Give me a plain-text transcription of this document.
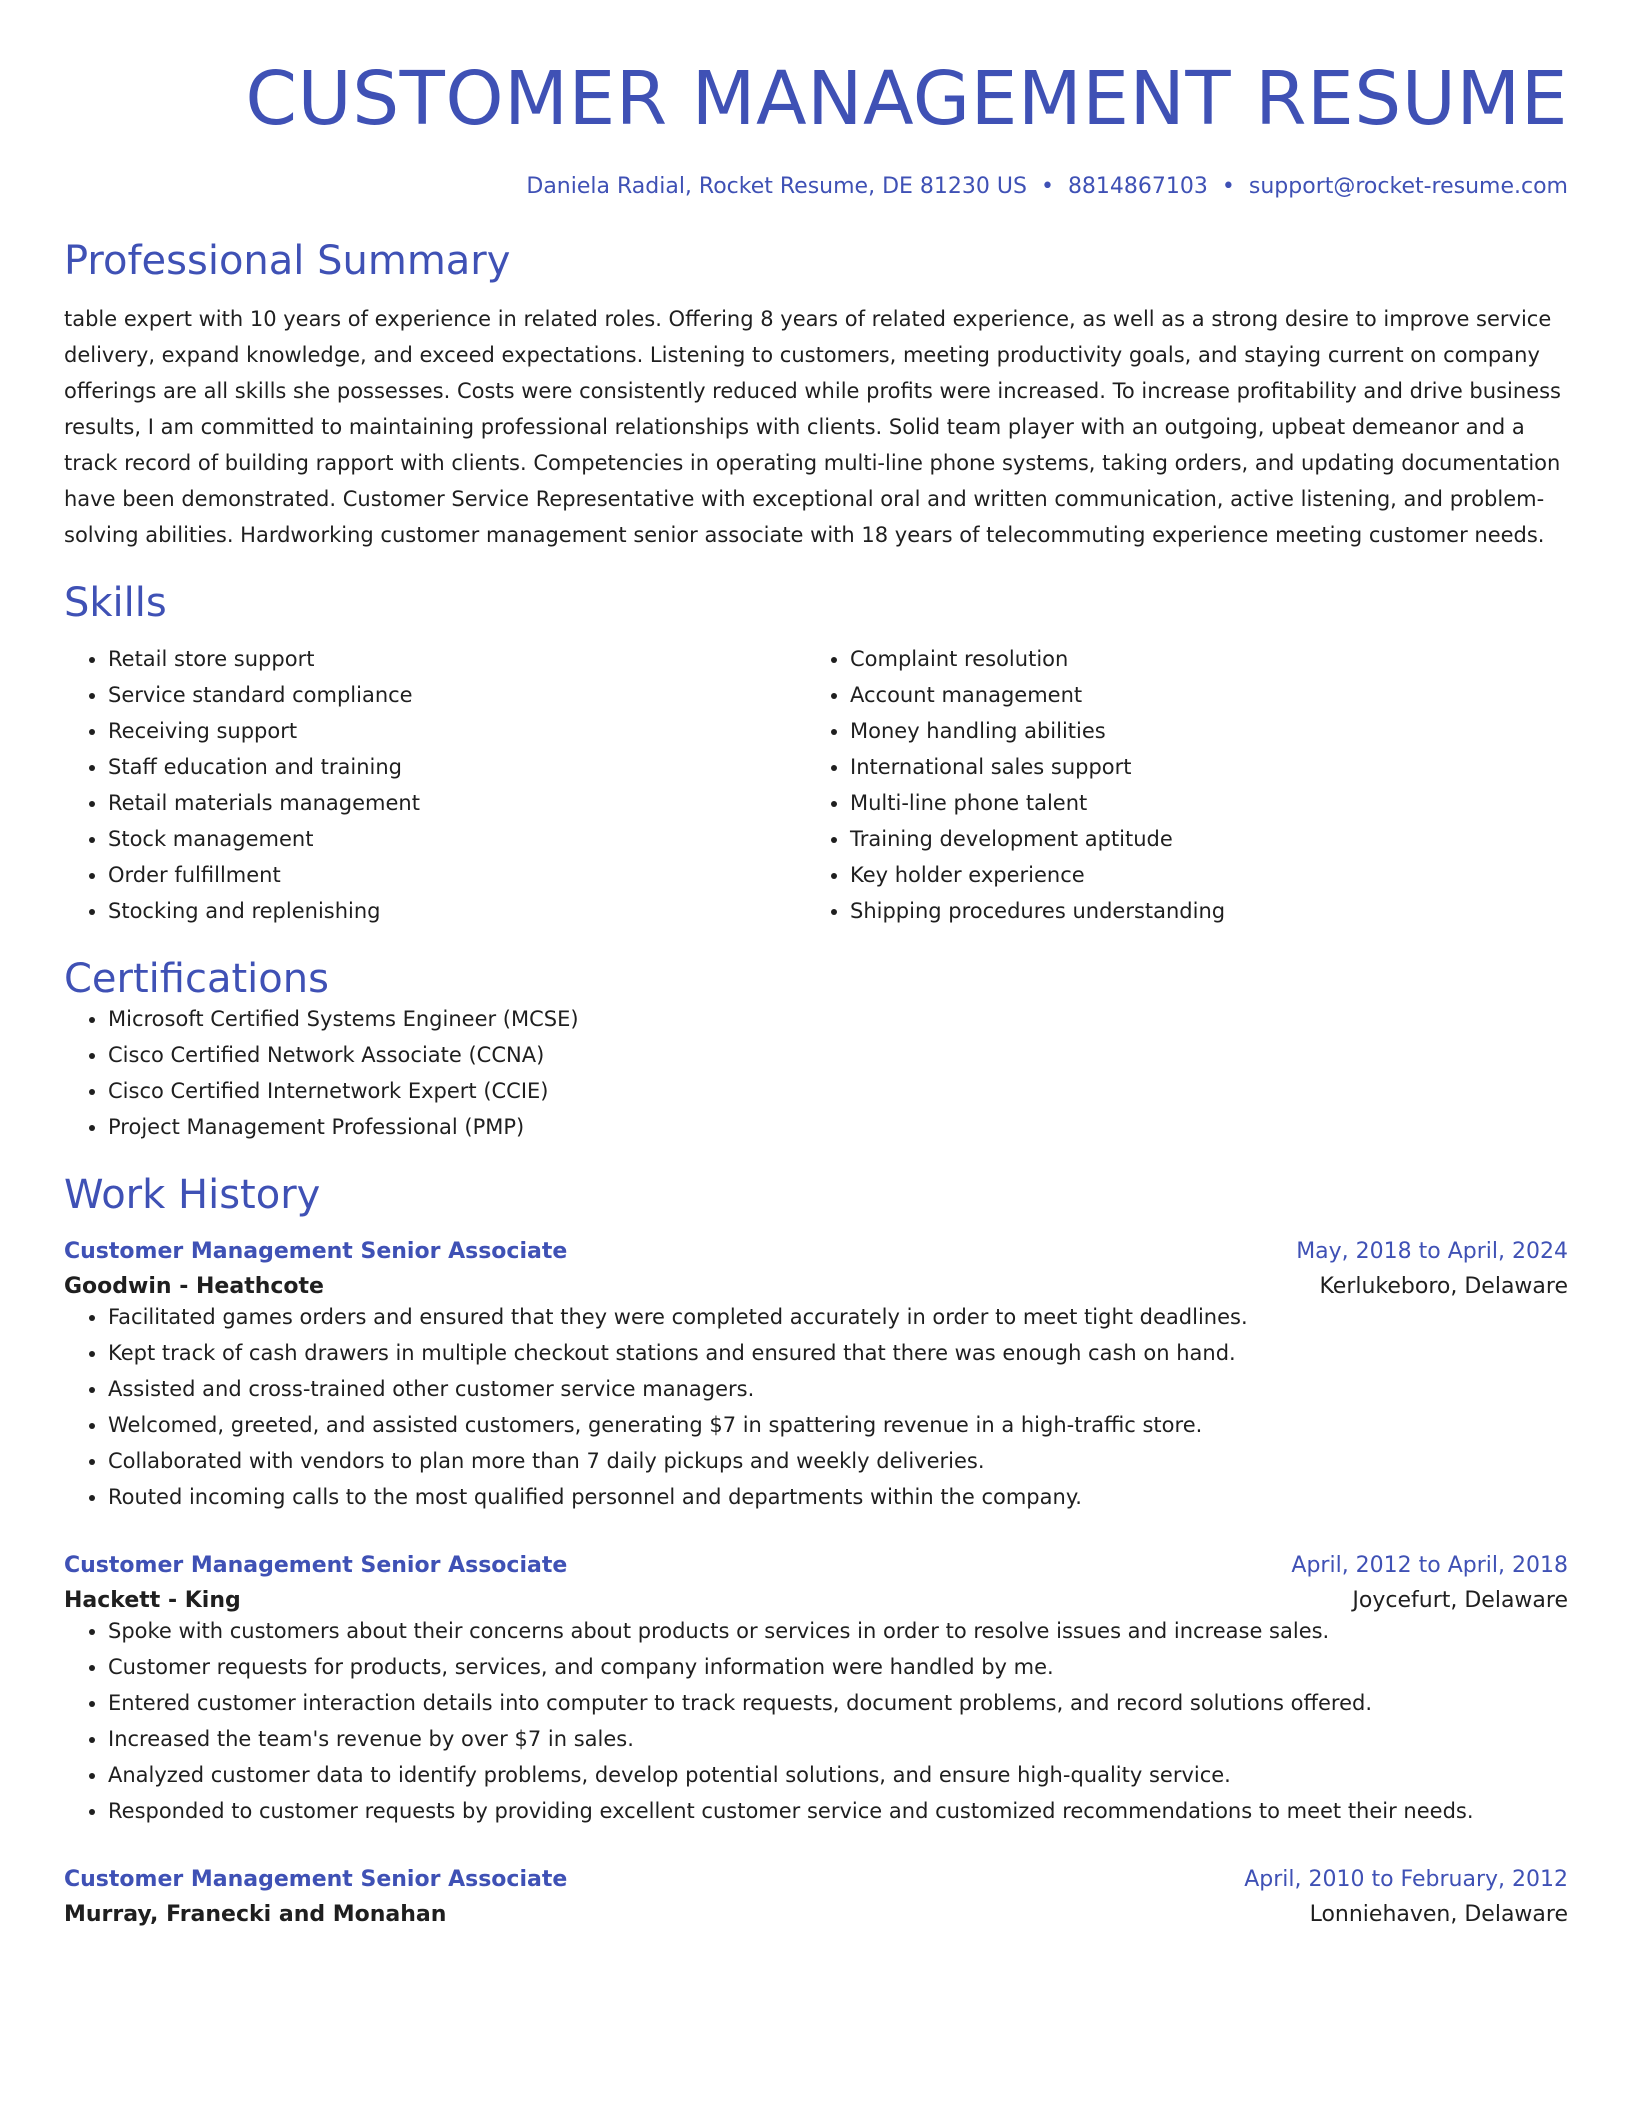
CUSTOMER MANAGEMENT RESUME
Daniela Radial, Rocket Resume, DE 81230 US • 8814867103 • support@rocket-resume.com
Professional Summary
table expert with 10 years of experience in related roles. Offering 8 years of related experience, as well as a strong desire to improve service delivery, expand knowledge, and exceed expectations. Listening to customers, meeting productivity goals, and staying current on company offerings are all skills she possesses. Costs were consistently reduced while profits were increased. To increase profitability and drive business results, I am committed to maintaining professional relationships with clients. Solid team player with an outgoing, upbeat demeanor and a track record of building rapport with clients. Competencies in operating multi-line phone systems, taking orders, and updating documentation have been demonstrated. Customer Service Representative with exceptional oral and written communication, active listening, and problem-solving abilities. Hardworking customer management senior associate with 18 years of telecommuting experience meeting customer needs.
Skills
• Retail store support
• Service standard compliance
• Receiving support
• Staff education and training
• Retail materials management
• Stock management
• Order fulfillment
• Stocking and replenishing
• Complaint resolution
• Account management
• Money handling abilities
• International sales support
• Multi-line phone talent
• Training development aptitude
• Key holder experience
• Shipping procedures understanding
Certifications
• Microsoft Certified Systems Engineer (MCSE)
• Cisco Certified Network Associate (CCNA)
• Cisco Certified Internetwork Expert (CCIE)
• Project Management Professional (PMP)
Work History
Customer Management Senior Associate	May, 2018 to April, 2024
Goodwin - Heathcote	Kerlukeboro, Delaware
• Facilitated games orders and ensured that they were completed accurately in order to meet tight deadlines.
• Kept track of cash drawers in multiple checkout stations and ensured that there was enough cash on hand.
• Assisted and cross-trained other customer service managers.
• Welcomed, greeted, and assisted customers, generating $7 in spattering revenue in a high-traffic store.
• Collaborated with vendors to plan more than 7 daily pickups and weekly deliveries.
• Routed incoming calls to the most qualified personnel and departments within the company.
Customer Management Senior Associate	April, 2012 to April, 2018
Hackett - King	Joycefurt, Delaware
• Spoke with customers about their concerns about products or services in order to resolve issues and increase sales.
• Customer requests for products, services, and company information were handled by me.
• Entered customer interaction details into computer to track requests, document problems, and record solutions offered.
• Increased the team's revenue by over $7 in sales.
• Analyzed customer data to identify problems, develop potential solutions, and ensure high-quality service.
• Responded to customer requests by providing excellent customer service and customized recommendations to meet their needs.
Customer Management Senior Associate	April, 2010 to February, 2012
Murray, Franecki and Monahan	Lonniehaven, Delaware
